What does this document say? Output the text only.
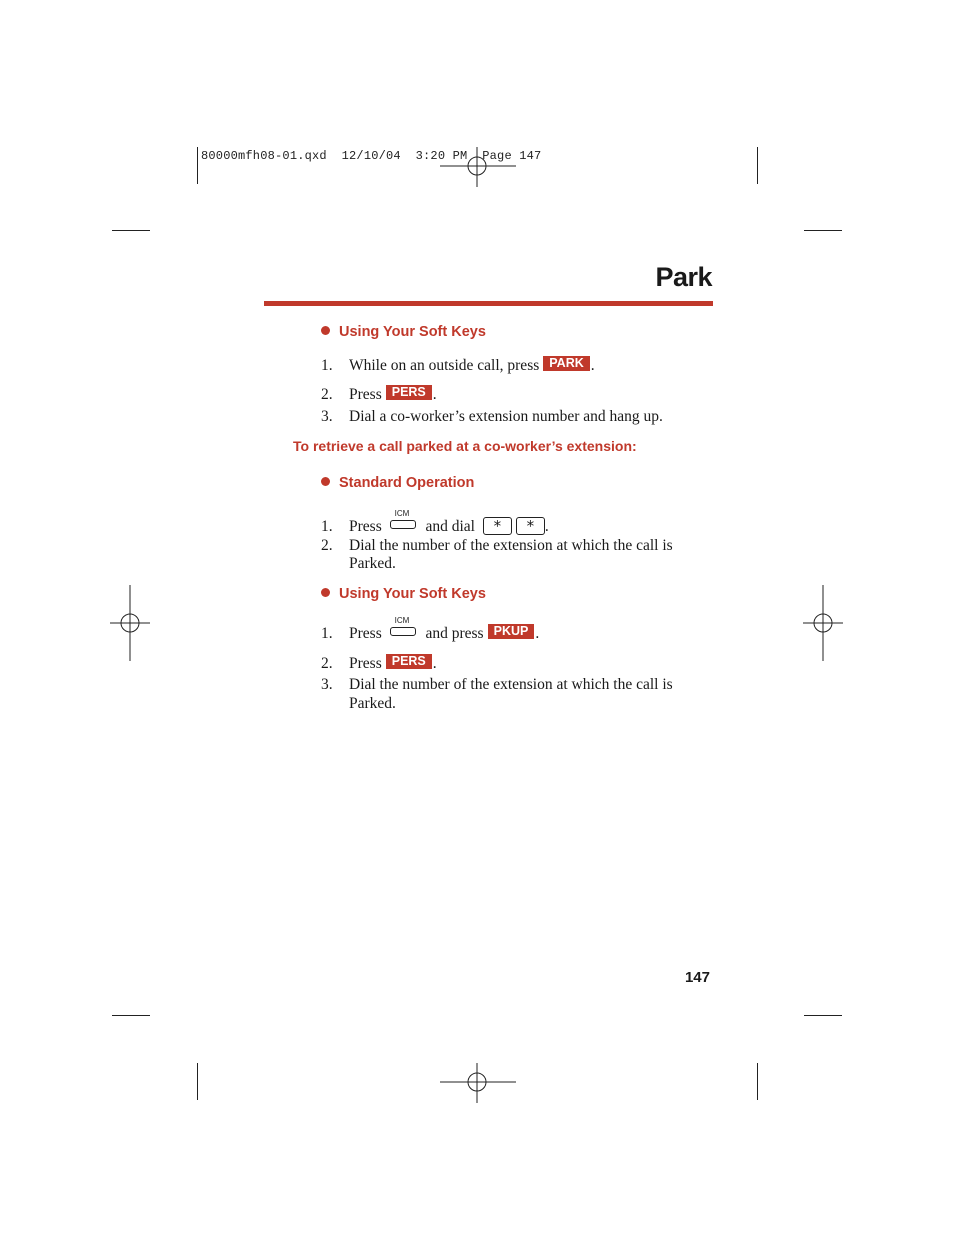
80000mfh08-01.qxd  12/10/04  3:20 PM  Page 147
Park
Using Your Soft Keys
1. While on an outside call, press PARK .
2. Press PERS .
3. Dial a co-worker’s extension number and hang up.
To retrieve a call parked at a co-worker’s extension:
Standard Operation
1. Press
ICM
and dial * * .
2. Dial the number of the extension at which the call is
Parked.
Using Your Soft Keys
1. Press
ICM
and press PKUP .
2. Press PERS .
3. Dial the number of the extension at which the call is
Parked.
147
